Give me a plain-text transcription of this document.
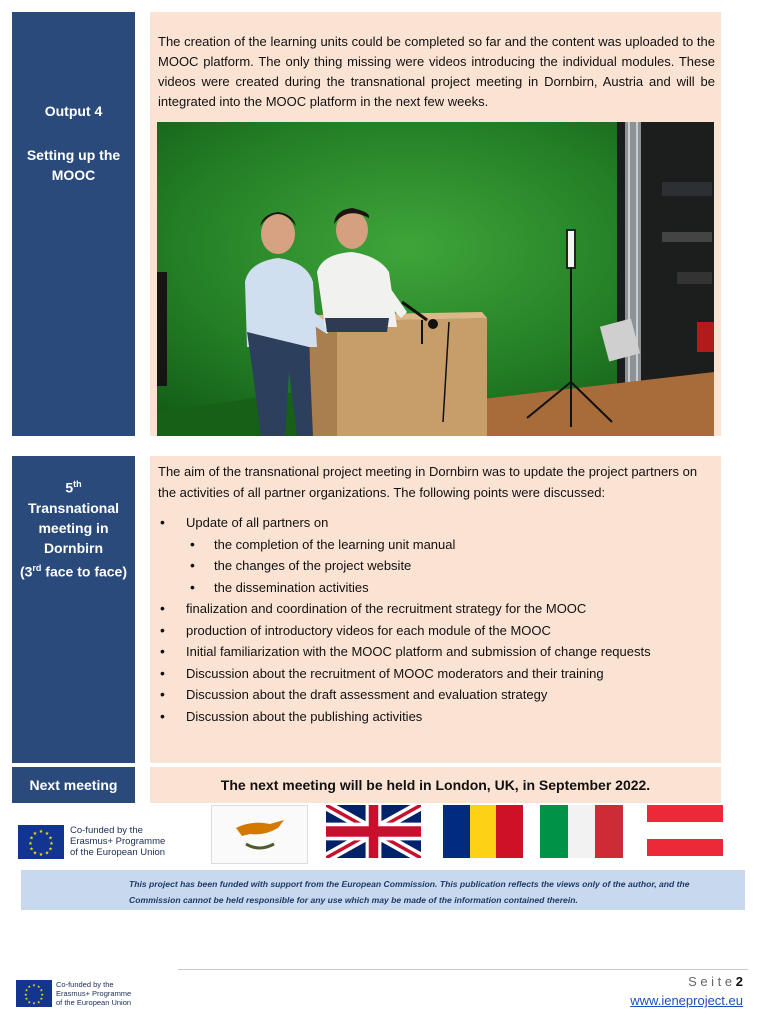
Output 4
Setting up the MOOC
The creation of the learning units could be completed so far and the content was uploaded to the MOOC platform. The only thing missing were videos introducing the individual modules. These videos were created during the transnational project meeting in Dornbirn, Austria and will be integrated into the MOOC platform in the next few weeks.
5th
Transnational meeting in Dornbirn
(3rd face to face)
The aim of the transnational project meeting in Dornbirn was to update the project partners on the activities of all partner organizations. The following points were discussed:
• Update of all partners on
• the completion of the learning unit manual
• the changes of the project website
• the dissemination activities
• finalization and coordination of the recruitment strategy for the MOOC
• production of introductory videos for each module of the MOOC
• Initial familiarization with the MOOC platform and submission of change requests
• Discussion about the recruitment of MOOC moderators and their training
• Discussion about the draft assessment and evaluation strategy
• Discussion about the publishing activities
Next meeting	The next meeting will be held in London, UK, in September 2022.
★ ★
★
★
★
★
★
★
★
★
★
★	Co-funded by the
Erasmus+ Programme
of the European Union
This project has been funded with support from the European Commission. This publication reflects the views only of the author, and the Commission cannot be held responsible for any use which may be made of the information contained therein.
★ ★
★
★
★
★
★
★
★
★
★
★	Co-funded by the
Erasmus+ Programme
of the European Union
S e i t e 2
www.ieneproject.eu
